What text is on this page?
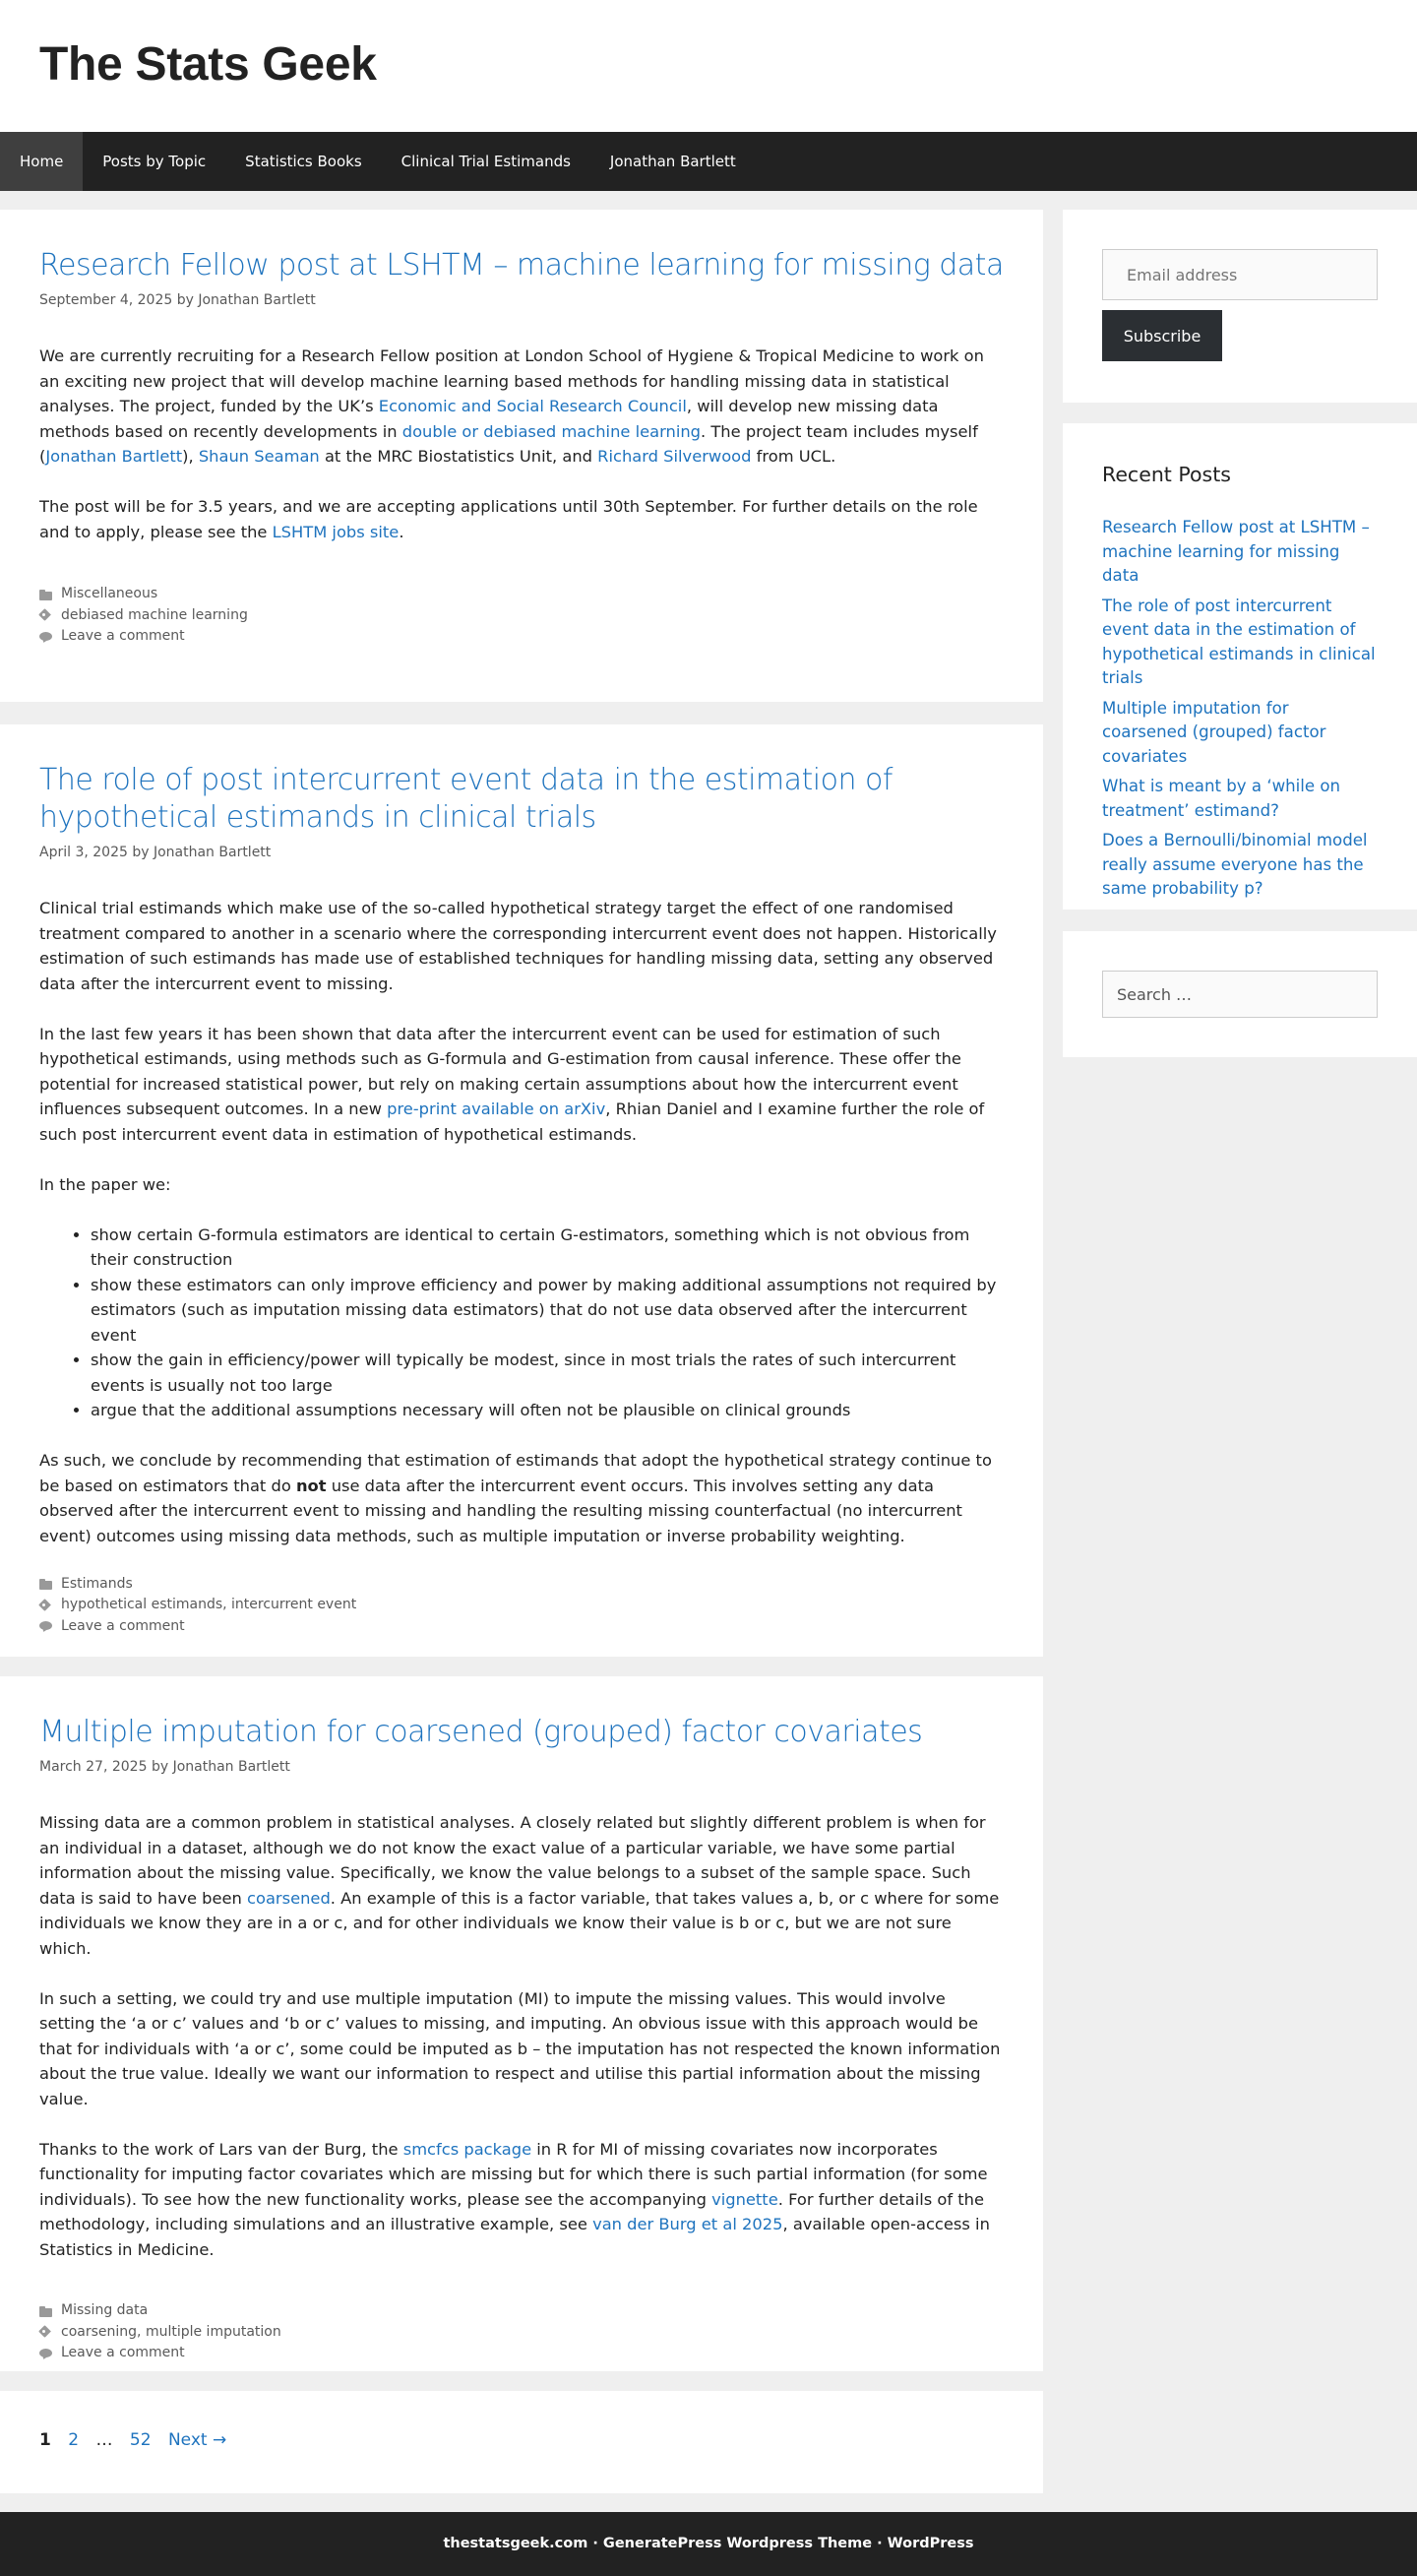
The Stats Geek
Home	Posts by Topic	Statistics Books	Clinical Trial Estimands	Jonathan Bartlett
Research Fellow post at LSHTM – machine learning for missing data
September 4, 2025 by Jonathan Bartlett

We are currently recruiting for a Research Fellow position at London School of Hygiene & Tropical Medicine to work on an exciting new project that will develop machine learning based methods for handling missing data in statistical analyses. The project, funded by the UK’s Economic and Social Research Council, will develop new missing data methods based on recently developments in double or debiased machine learning. The project team includes myself (Jonathan Bartlett), Shaun Seaman at the MRC Biostatistics Unit, and Richard Silverwood from UCL.

The post will be for 3.5 years, and we are accepting applications until 30th September. For further details on the role and to apply, please see the LSHTM jobs site.

Miscellaneous
debiased machine learning
Leave a comment
The role of post intercurrent event data in the estimation of hypothetical estimands in clinical trials
April 3, 2025 by Jonathan Bartlett

Clinical trial estimands which make use of the so-called hypothetical strategy target the effect of one randomised treatment compared to another in a scenario where the corresponding intercurrent event does not happen. Historically estimation of such estimands has made use of established techniques for handling missing data, setting any observed data after the intercurrent event to missing.

In the last few years it has been shown that data after the intercurrent event can be used for estimation of such hypothetical estimands, using methods such as G-formula and G-estimation from causal inference. These offer the potential for increased statistical power, but rely on making certain assumptions about how the intercurrent event influences subsequent outcomes. In a new pre-print available on arXiv, Rhian Daniel and I examine further the role of such post intercurrent event data in estimation of hypothetical estimands.

In the paper we:

• show certain G-formula estimators are identical to certain G-estimators, something which is not obvious from their construction
• show these estimators can only improve efficiency and power by making additional assumptions not required by estimators (such as imputation missing data estimators) that do not use data observed after the intercurrent event
• show the gain in efficiency/power will typically be modest, since in most trials the rates of such intercurrent events is usually not too large
• argue that the additional assumptions necessary will often not be plausible on clinical grounds

As such, we conclude by recommending that estimation of estimands that adopt the hypothetical strategy continue to be based on estimators that do not use data after the intercurrent event occurs. This involves setting any data observed after the intercurrent event to missing and handling the resulting missing counterfactual (no intercurrent event) outcomes using missing data methods, such as multiple imputation or inverse probability weighting.

Estimands
hypothetical estimands , intercurrent event
Leave a comment
Multiple imputation for coarsened (grouped) factor covariates
March 27, 2025 by Jonathan Bartlett

Missing data are a common problem in statistical analyses. A closely related but slightly different problem is when for an individual in a dataset, although we do not know the exact value of a particular variable, we have some partial information about the missing value. Specifically, we know the value belongs to a subset of the sample space. Such data is said to have been coarsened. An example of this is a factor variable, that takes values a, b, or c where for some individuals we know they are in a or c, and for other individuals we know their value is b or c, but we are not sure which.

In such a setting, we could try and use multiple imputation (MI) to impute the missing values. This would involve setting the ‘a or c’ values and ‘b or c’ values to missing, and imputing. An obvious issue with this approach would be that for individuals with ‘a or c’, some could be imputed as b – the imputation has not respected the known information about the true value. Ideally we want our information to respect and utilise this partial information about the missing value.

Thanks to the work of Lars van der Burg, the smcfcs package in R for MI of missing covariates now incorporates functionality for imputing factor covariates which are missing but for which there is such partial information (for some individuals). To see how the new functionality works, please see the accompanying vignette. For further details of the methodology, including simulations and an illustrative example, see van der Burg et al 2025, available open-access in Statistics in Medicine.

Missing data
coarsening , multiple imputation
Leave a comment
1 2 … 52 Next →
Email address Subscribe
Recent Posts
Research Fellow post at LSHTM – machine learning for missing data
The role of post intercurrent event data in the estimation of hypothetical estimands in clinical trials
Multiple imputation for coarsened (grouped) factor covariates
What is meant by a ‘while on treatment’ estimand?
Does a Bernoulli/binomial model really assume everyone has the same probability p?
Search …
thestatsgeek.com · GeneratePress Wordpress Theme · WordPress
